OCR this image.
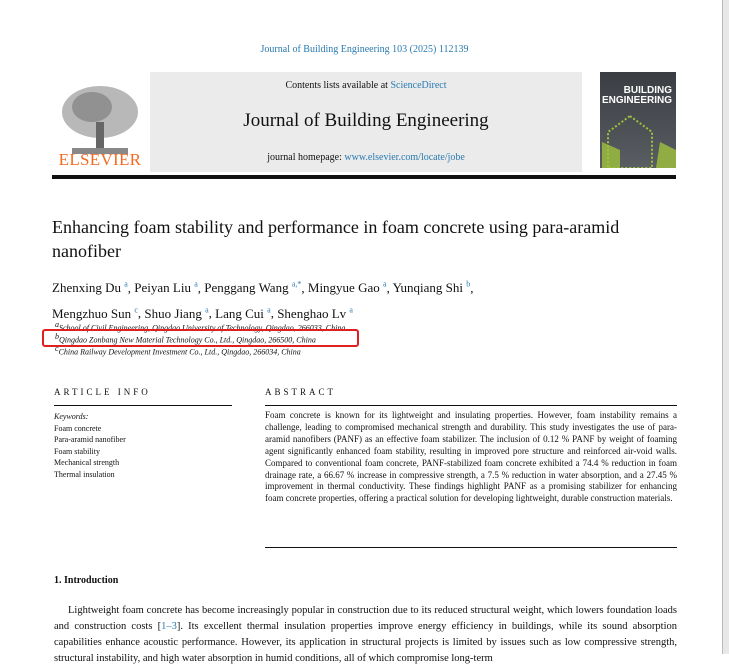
Journal of Building Engineering 103 (2025) 112139
ELSEVIER
Contents lists available at ScienceDirect
Journal of Building Engineering
journal homepage: www.elsevier.com/locate/jobe
BUILDING
ENGINEERING
Enhancing foam stability and performance in foam concrete using para-aramid nanofiber
Zhenxing Du $^a$, Peiyan Liu $^a$, Penggang Wang $^{a,*}$, Mingyue Gao $^a$, Yunqiang Shi $^b$,
Mengzhuo Sun $^c$, Shuo Jiang $^a$, Lang Cui $^a$, Shenghao Lv $^a$
$^a$School of Civil Engineering, Qingdao University of Technology, Qingdao, 266033, China
$^b$Qingdao Zonbang New Material Technology Co., Ltd., Qingdao, 266500, China
$^c$China Railway Development Investment Co., Ltd., Qingdao, 266034, China
ARTICLE INFO
Keywords:
Foam concrete
Para-aramid nanofiber
Foam stability
Mechanical strength
Thermal insulation
ABSTRACT
Foam concrete is known for its lightweight and insulating properties. However, foam instability remains a challenge, leading to compromised mechanical strength and durability. This study investigates the use of para-aramid nanofibers (PANF) as an effective foam stabilizer. The inclusion of 0.12 % PANF by weight of foaming agent significantly enhanced foam stability, resulting in improved pore structure and reinforced air-void walls. Compared to conventional foam concrete, PANF-stabilized foam concrete exhibited a 74.4 % reduction in foam drainage rate, a 66.67 % increase in compressive strength, a 7.5 % reduction in water absorption, and a 27.45 % improvement in thermal conductivity. These findings highlight PANF as a promising stabilizer for enhancing foam concrete properties, offering a practical solution for developing lightweight, durable construction materials.
1. Introduction
Lightweight foam concrete has become increasingly popular in construction due to its reduced structural weight, which lowers foundation loads and construction costs [1–3]. Its excellent thermal insulation properties improve energy efficiency in buildings, while its sound absorption capabilities enhance acoustic performance. However, its application in structural projects is limited by issues such as low compressive strength, structural instability, and high water absorption in humid conditions, all of which compromise long-term
